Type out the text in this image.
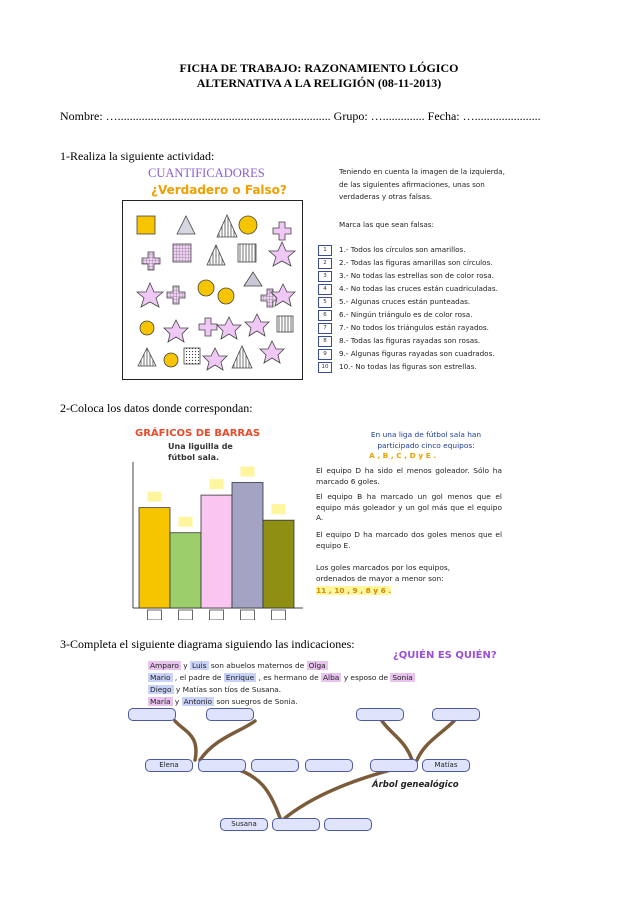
FICHA DE TRABAJO: RAZONAMIENTO LÓGICO
ALTERNATIVA A LA RELIGIÓN (08-11-2013)
Nombre: …....................................................................... Grupo: ….............. Fecha: …......................
1-Realiza la siguiente actividad:
CUANTIFICADORES
¿Verdadero o Falso?
Teniendo en cuenta la imagen de la izquierda,
de las siguientes afirmaciones, unas son
verdaderas y otras falsas.
Marca las que sean falsas:
1
2
3
4
5
6
7
8
9
10
1.- Todos los círculos son amarillos.
2.- Todas las figuras amarillas son círculos.
3.- No todas las estrellas son de color rosa.
4.- No todas las cruces están cuadriculadas.
5.- Algunas cruces están punteadas.
6.- Ningún triángulo es de color rosa.
7.- No todos los triángulos están rayados.
8.- Todas las figuras rayadas son rosas.
9.- Algunas figuras rayadas son cuadrados.
10.- No todas las figuras son estrellas.
2-Coloca los datos donde correspondan:
GRÁFICOS DE BARRAS
Una liguilla de
fútbol sala.
En una liga de fútbol sala han
participado cinco equipos:
A , B , C , D y E .
El equipo D ha sido el menos goleador. Sólo ha marcado 6 goles.
El equipo B ha marcado un gol menos que el equipo más goleador y un gol más que el equipo A.
El equipo D ha marcado dos goles menos que el equipo E.
Los goles marcados por los equipos,
ordenados de mayor a menor son:
11 , 10 , 9 , 8 y 6 .
3-Completa el siguiente diagrama siguiendo las indicaciones:
¿QUIÉN ES QUIÉN?
Amparo y Luis son abuelos maternos de Olga
Mario , el padre de Enrique , es hermano de Alba y esposo de Sonia
Diego y Matías son tíos de Susana.
María y Antonio son suegros de Sonia.
Elena	Matías
Árbol genealógico
Susana
